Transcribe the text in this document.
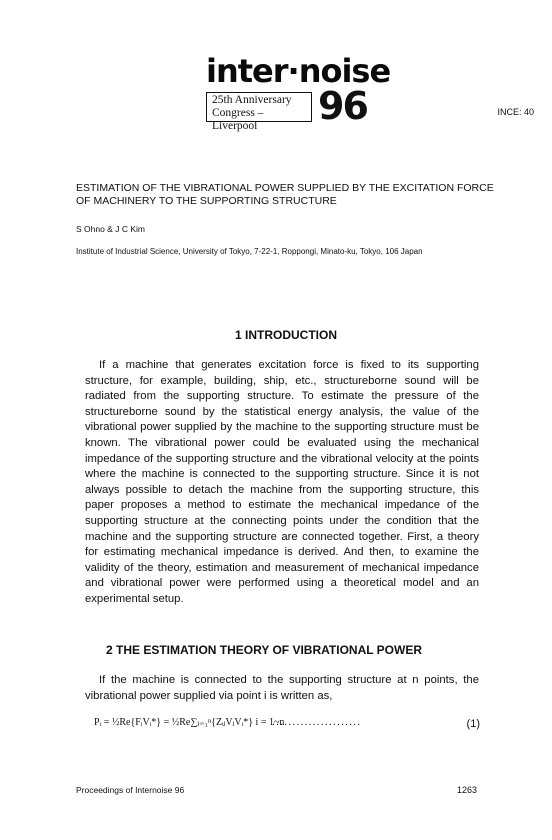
inter·noise
25th Anniversary
Congress – Liverpool	96	INCE: 40
ESTIMATION OF THE VIBRATIONAL POWER SUPPLIED BY THE EXCITATION FORCE OF MACHINERY TO THE SUPPORTING STRUCTURE
S Ohno & J C Kim
Institute of Industrial Science, University of Tokyo, 7-22-1, Roppongi, Minato-ku, Tokyo, 106 Japan
1 INTRODUCTION
If a machine that generates excitation force is fixed to its supporting structure, for example, building, ship, etc., structureborne sound will be radiated from the supporting structure. To estimate the pressure of the structureborne sound by the statistical energy analysis, the value of the vibrational power supplied by the machine to the supporting structure must be known. The vibrational power could be evaluated using the mechanical impedance of the supporting structure and the vibrational velocity at the points where the machine is connected to the supporting structure. Since it is not always possible to detach the machine from the supporting structure, this paper proposes a method to estimate the mechanical impedance of the supporting structure at the connecting points under the condition that the machine and the supporting structure are connected together. First, a theory for estimating mechanical impedance is derived. And then, to examine the validity of the theory, estimation and measurement of mechanical impedance and vibrational power were performed using a theoretical model and an experimental setup.
2 THE ESTIMATION THEORY OF VIBRATIONAL POWER
If the machine is connected to the supporting structure at n points, the vibrational power supplied via point i is written as,
Pᵢ = ½Re{FᵢVᵢ*} = ½Re∑ⱼ₌₁ⁿ{ZᵢⱼVⱼVᵢ*} i = 1~n
......................	(1)
Proceedings of Internoise 96	1263
